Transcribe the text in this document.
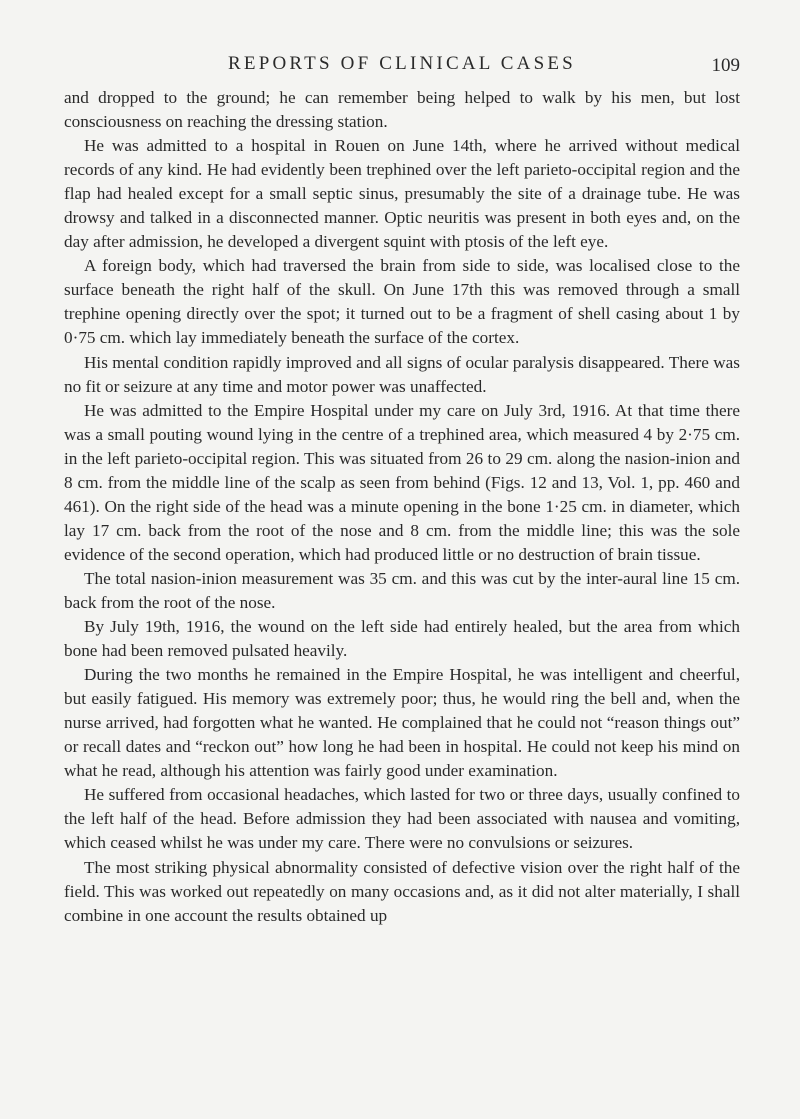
REPORTS OF CLINICAL CASES	109

and dropped to the ground; he can remember being helped to walk by his men, but lost consciousness on reaching the dressing station.

He was admitted to a hospital in Rouen on June 14th, where he arrived without medical records of any kind. He had evidently been trephined over the left parieto-occipital region and the flap had healed except for a small septic sinus, presumably the site of a drainage tube. He was drowsy and talked in a disconnected manner. Optic neuritis was present in both eyes and, on the day after admission, he developed a divergent squint with ptosis of the left eye.

A foreign body, which had traversed the brain from side to side, was localised close to the surface beneath the right half of the skull. On June 17th this was removed through a small trephine opening directly over the spot; it turned out to be a fragment of shell casing about 1 by 0·75 cm. which lay immediately beneath the surface of the cortex.

His mental condition rapidly improved and all signs of ocular paralysis disappeared. There was no fit or seizure at any time and motor power was unaffected.

He was admitted to the Empire Hospital under my care on July 3rd, 1916. At that time there was a small pouting wound lying in the centre of a trephined area, which measured 4 by 2·75 cm. in the left parieto-occipital region. This was situated from 26 to 29 cm. along the nasion-inion and 8 cm. from the middle line of the scalp as seen from behind (Figs. 12 and 13, Vol. 1, pp. 460 and 461). On the right side of the head was a minute opening in the bone 1·25 cm. in diameter, which lay 17 cm. back from the root of the nose and 8 cm. from the middle line; this was the sole evidence of the second operation, which had produced little or no destruction of brain tissue.

The total nasion-inion measurement was 35 cm. and this was cut by the inter-aural line 15 cm. back from the root of the nose.

By July 19th, 1916, the wound on the left side had entirely healed, but the area from which bone had been removed pulsated heavily.

During the two months he remained in the Empire Hospital, he was intelligent and cheerful, but easily fatigued. His memory was extremely poor; thus, he would ring the bell and, when the nurse arrived, had forgotten what he wanted. He complained that he could not “reason things out” or recall dates and “reckon out” how long he had been in hospital. He could not keep his mind on what he read, although his attention was fairly good under examination.

He suffered from occasional headaches, which lasted for two or three days, usually confined to the left half of the head. Before admission they had been associated with nausea and vomiting, which ceased whilst he was under my care. There were no convulsions or seizures.

The most striking physical abnormality consisted of defective vision over the right half of the field. This was worked out repeatedly on many occasions and, as it did not alter materially, I shall combine in one account the results obtained up
